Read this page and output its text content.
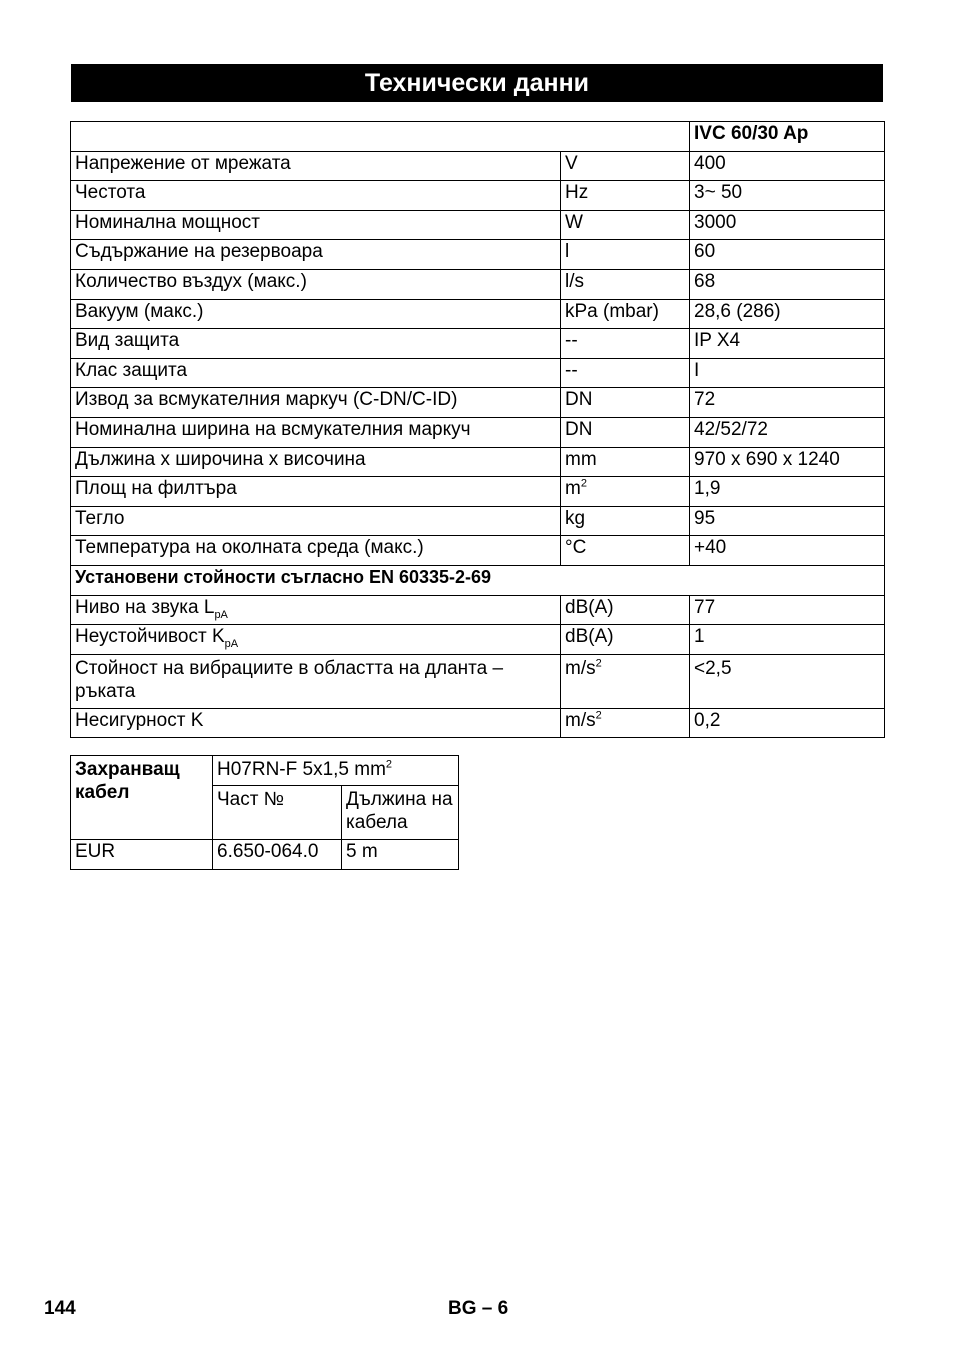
Технически данни
		IVC 60/30 Ap
Напрежение от мрежата	V	400
Честота	Hz	3~ 50
Номинална мощност	W	3000
Съдържание на резервоара	l	60
Количество въздух (макс.)	l/s	68
Вакуум (макс.)	kPa (mbar)	28,6 (286)
Вид защита	--	IP X4
Клас защита	--	I
Извод за всмукателния маркуч (C-DN/C-ID)	DN	72
Номинална ширина на всмукателния маркуч	DN	42/52/72
Дължина x широчина x височина	mm	970 x 690 x 1240
Площ на филтъра	$m^2$	1,9
Тегло	kg	95
Температура на околната среда (макс.)	°C	+40
Установени стойности съгласно EN 60335-2-69		
Ниво на звука $L_{pA}$	dB(A)	77
Неустойчивост $K_{pA}$	dB(A)	1
Стойност на вибрациите в областта на дланта – ръката	$m/s^2$	<2,5
Несигурност K	$m/s^2$	0,2
Захранващ кабел	H07RN-F 5x1,5 $mm^2$
	Част №	Дължина на кабела
EUR	6.650-064.0	5 m
144	BG – 6
